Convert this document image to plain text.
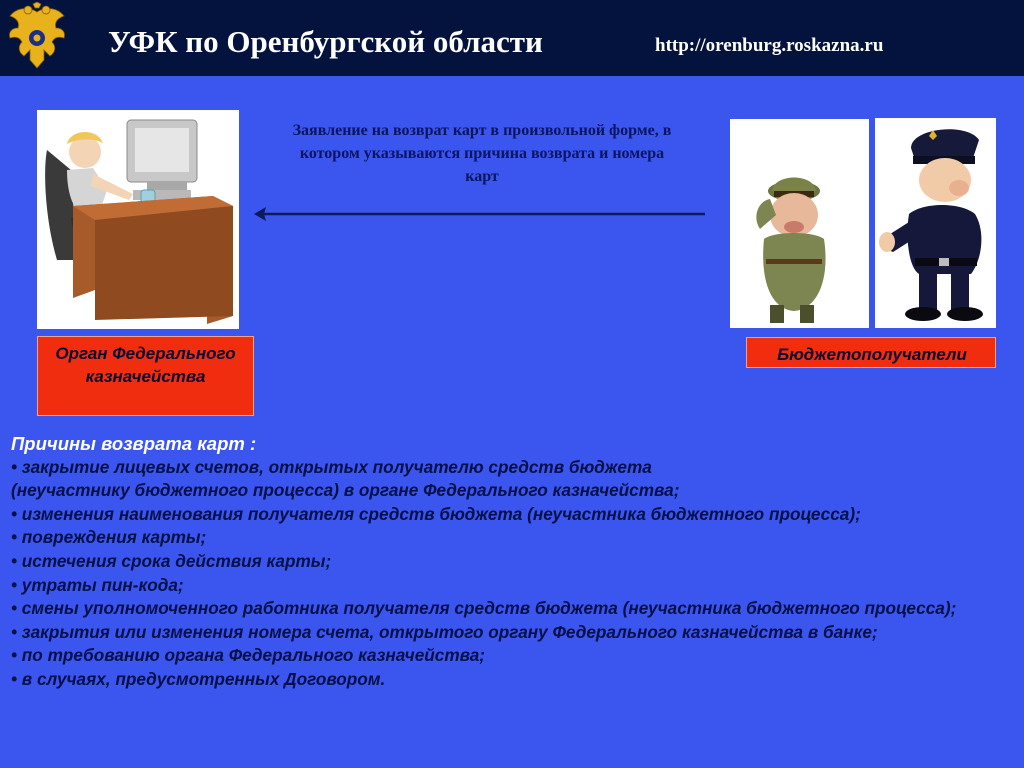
УФК по Оренбургской области	http://orenburg.roskazna.ru
Заявление на возврат карт в произвольной форме, в котором указываются причина возврата и номера карт
Орган Федерального казначейства
Бюджетополучатели
Причины возврата карт :
• закрытие лицевых счетов, открытых получателю средств бюджета
(неучастнику бюджетного процесса) в органе Федерального казначейства;
• изменения наименования получателя средств бюджета (неучастника бюджетного процесса);
• повреждения карты;
• истечения срока действия карты;
• утраты пин-кода;
• смены уполномоченного работника получателя средств бюджета (неучастника бюджетного процесса);
• закрытия или изменения номера счета, открытого органу Федерального казначейства в банке;
• по требованию органа Федерального казначейства;
• в случаях, предусмотренных Договором.
